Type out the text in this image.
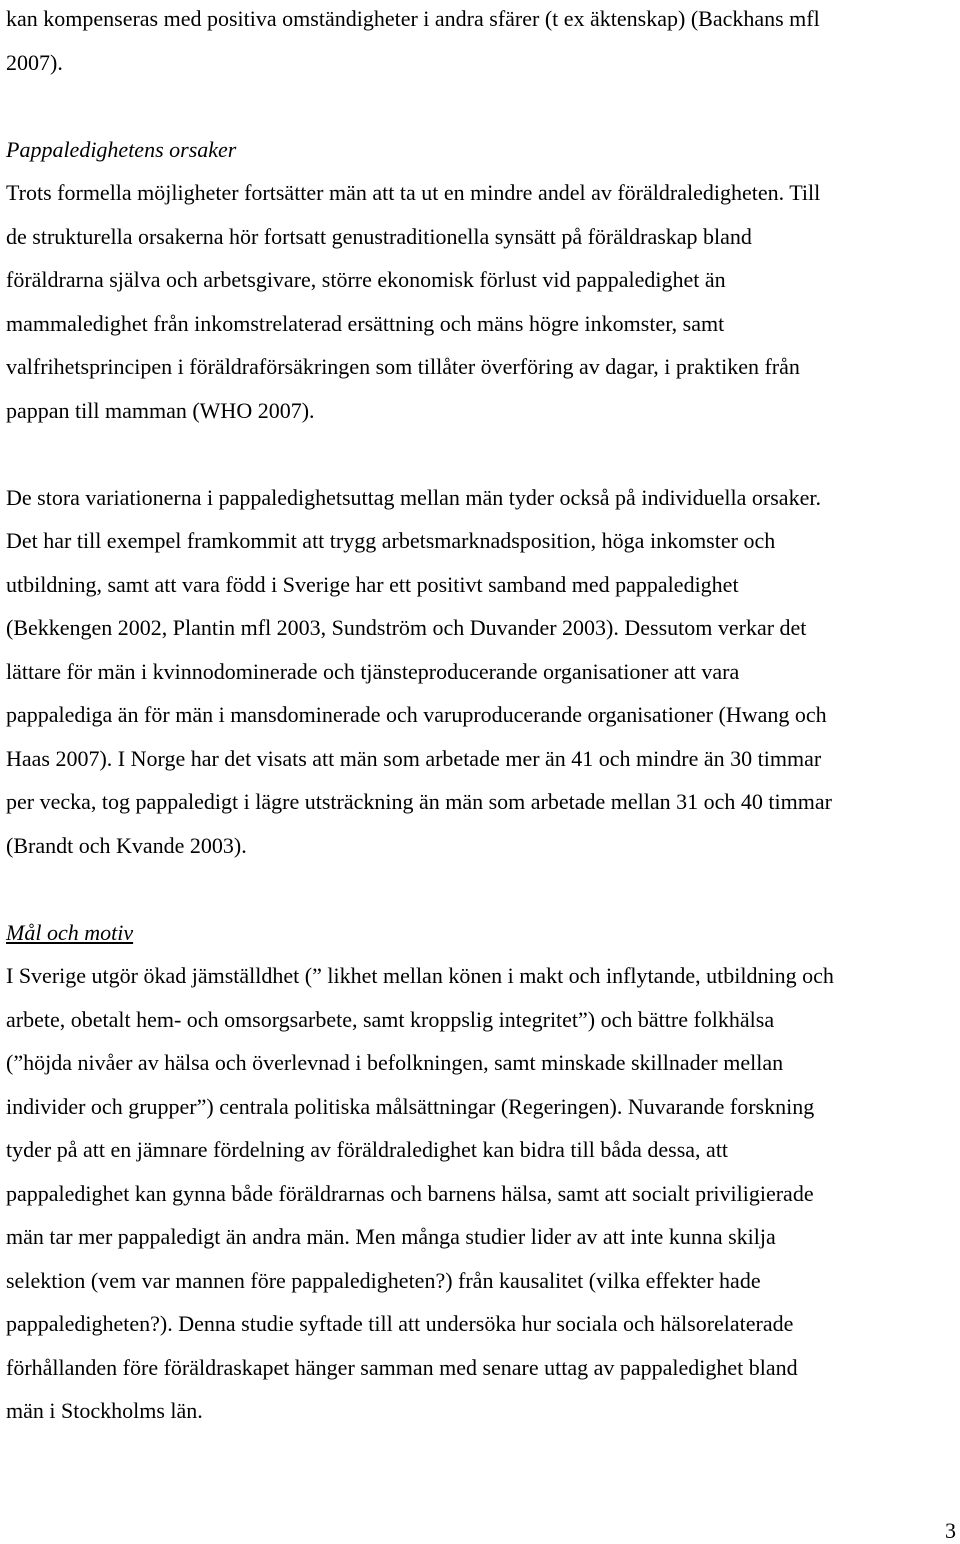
kan kompenseras med positiva omständigheter i andra sfärer (t ex äktenskap) (Backhans mfl
2007).

Pappaledighetens orsaker

Trots formella möjligheter fortsätter män att ta ut en mindre andel av föräldraledigheten. Till
de strukturella orsakerna hör fortsatt genustraditionella synsätt på föräldraskap bland
föräldrarna själva och arbetsgivare, större ekonomisk förlust vid pappaledighet än
mammaledighet från inkomstrelaterad ersättning och mäns högre inkomster, samt
valfrihetsprincipen i föräldraförsäkringen som tillåter överföring av dagar, i praktiken från
pappan till mamman (WHO 2007).

De stora variationerna i pappaledighetsuttag mellan män tyder också på individuella orsaker.
Det har till exempel framkommit att trygg arbetsmarknadsposition, höga inkomster och
utbildning, samt att vara född i Sverige har ett positivt samband med pappaledighet
(Bekkengen 2002, Plantin mfl 2003, Sundström och Duvander 2003). Dessutom verkar det
lättare för män i kvinnodominerade och tjänsteproducerande organisationer att vara
pappalediga än för män i mansdominerade och varuproducerande organisationer (Hwang och
Haas 2007). I Norge har det visats att män som arbetade mer än 41 och mindre än 30 timmar
per vecka, tog pappaledigt i lägre utsträckning än män som arbetade mellan 31 och 40 timmar
(Brandt och Kvande 2003).

Mål och motiv

I Sverige utgör ökad jämställdhet (” likhet mellan könen i makt och inflytande, utbildning och
arbete, obetalt hem- och omsorgsarbete, samt kroppslig integritet”) och bättre folkhälsa
(”höjda nivåer av hälsa och överlevnad i befolkningen, samt minskade skillnader mellan
individer och grupper”) centrala politiska målsättningar (Regeringen). Nuvarande forskning
tyder på att en jämnare fördelning av föräldraledighet kan bidra till båda dessa, att
pappaledighet kan gynna både föräldrarnas och barnens hälsa, samt att socialt priviligierade
män tar mer pappaledigt än andra män. Men många studier lider av att inte kunna skilja
selektion (vem var mannen före pappaledigheten?) från kausalitet (vilka effekter hade
pappaledigheten?). Denna studie syftade till att undersöka hur sociala och hälsorelaterade
förhållanden före föräldraskapet hänger samman med senare uttag av pappaledighet bland
män i Stockholms län.

3
